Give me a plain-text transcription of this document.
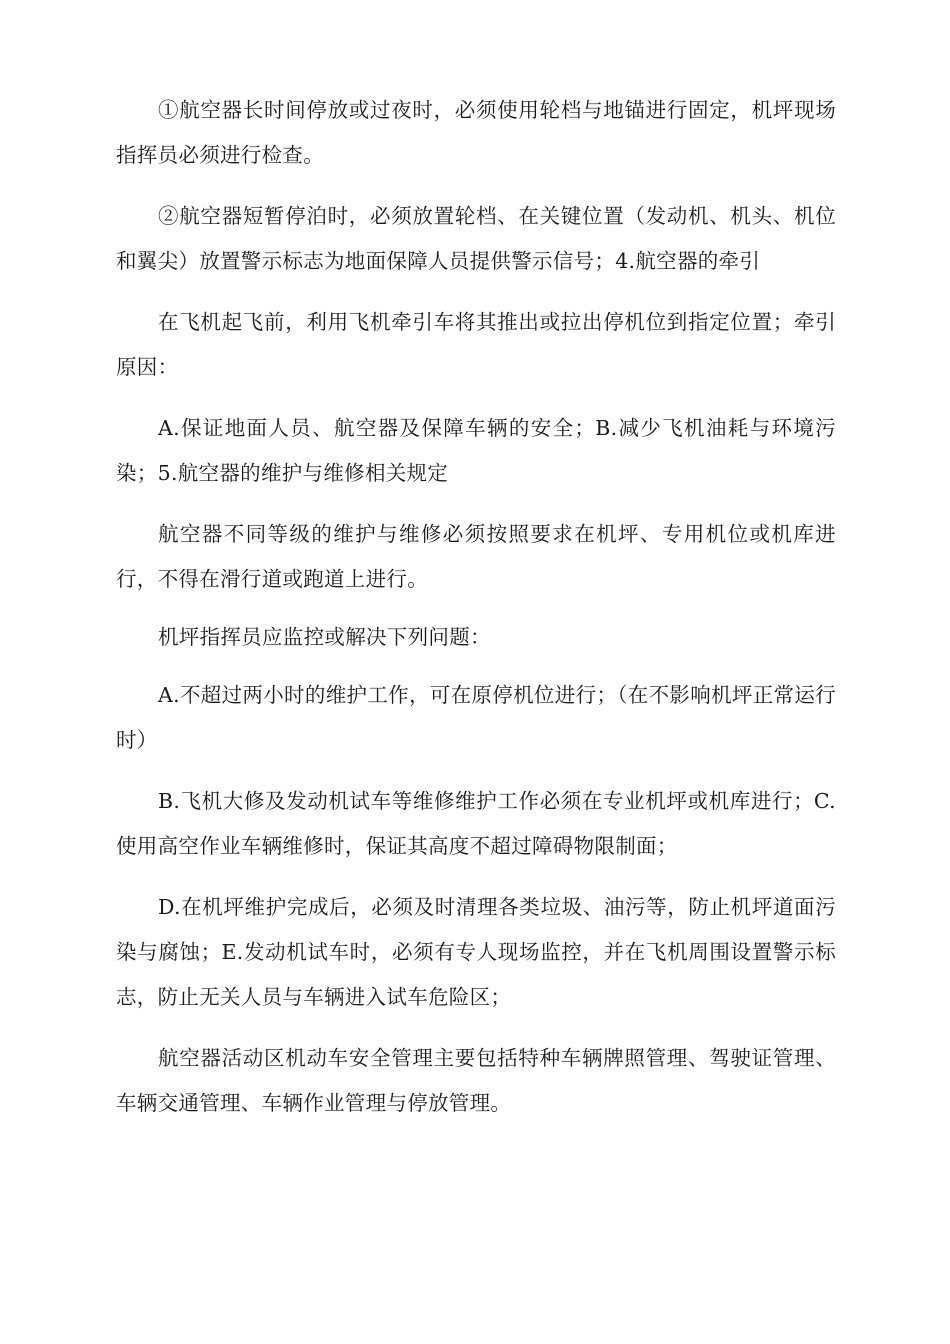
①航空器长时间停放或过夜时，必须使用轮档与地锚进行固定，机坪现场指挥员必须进行检查。

②航空器短暂停泊时，必须放置轮档、在关键位置（发动机、机头、机位和翼尖）放置警示标志为地面保障人员提供警示信号；4.航空器的牵引

在飞机起飞前，利用飞机牵引车将其推出或拉出停机位到指定位置；牵引原因：

A.保证地面人员、航空器及保障车辆的安全；B.减少飞机油耗与环境污染；5.航空器的维护与维修相关规定

航空器不同等级的维护与维修必须按照要求在机坪、专用机位或机库进行，不得在滑行道或跑道上进行。

机坪指挥员应监控或解决下列问题：

A.不超过两小时的维护工作，可在原停机位进行；（在不影响机坪正常运行时）

B.飞机大修及发动机试车等维修维护工作必须在专业机坪或机库进行；C.使用高空作业车辆维修时，保证其高度不超过障碍物限制面；

D.在机坪维护完成后，必须及时清理各类垃圾、油污等，防止机坪道面污染与腐蚀；E.发动机试车时，必须有专人现场监控，并在飞机周围设置警示标志，防止无关人员与车辆进入试车危险区；

航空器活动区机动车安全管理主要包括特种车辆牌照管理、驾驶证管理、车辆交通管理、车辆作业管理与停放管理。
